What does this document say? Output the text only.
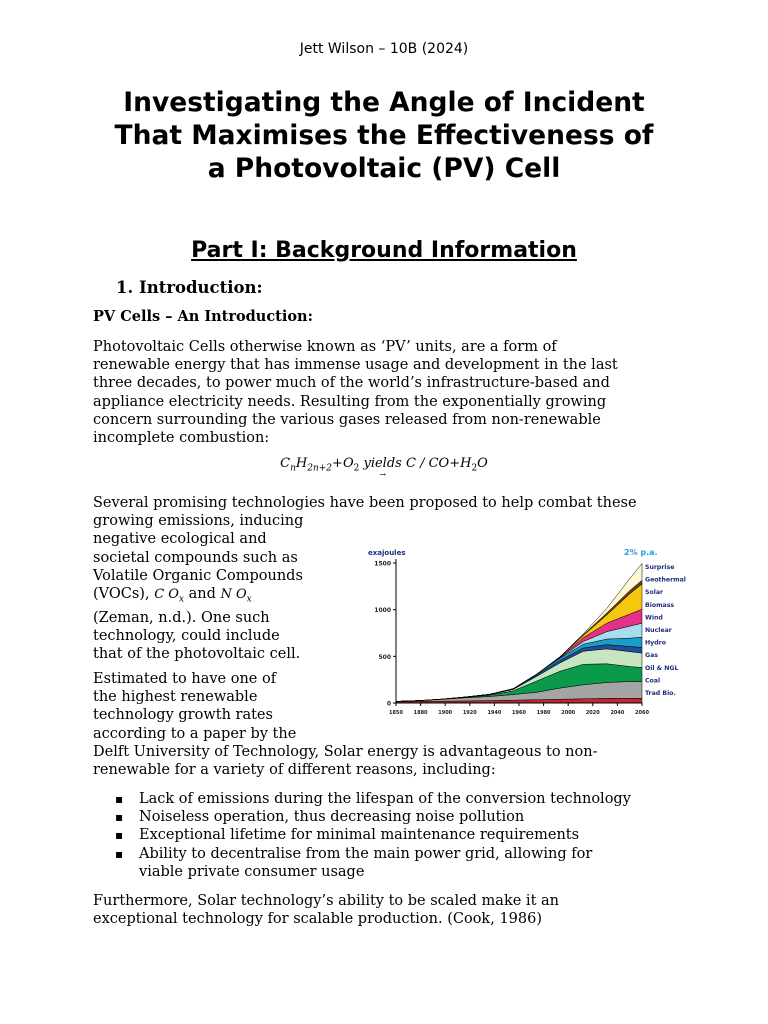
Jett Wilson – 10B (2024)
Investigating the Angle of Incident
That Maximises the Effectiveness of
a Photovoltaic (PV) Cell
Part I: Background Information
1. Introduction:
PV Cells – An Introduction:
Photovoltaic Cells otherwise known as ‘PV’ units, are a form of
renewable energy that has immense usage and development in the last
three decades, to power much of the world’s infrastructure-based and
appliance electricity needs. Resulting from the exponentially growing
concern surrounding the various gases released from non-renewable
incomplete combustion:
$C_nH_{2n+2}+O_2$ yields → $C / CO+H_2O$
Several promising technologies have been proposed to help combat these
growing emissions, inducing
negative ecological and
societal compounds such as
Volatile Organic Compounds
(VOCs), C $O_x$ and N $O_x$
(Zeman, n.d.). One such
technology, could include
that of the photovoltaic cell.
Estimated to have one of
the highest renewable
technology growth rates
according to a paper by the
Delft University of Technology, Solar energy is advantageous to non-
renewable for a variety of different reasons, including:
▪ Lack of emissions during the lifespan of the conversion technology
▪ Noiseless operation, thus decreasing noise pollution
▪ Exceptional lifetime for minimal maintenance requirements
▪ Ability to decentralise from the main power grid, allowing for
viable private consumer usage
Furthermore, Solar technology’s ability to be scaled make it an
exceptional technology for scalable production. (Cook, 1986)
0
500
1000
1500
1850 1880 1900 1920 1940 1960 1980 2000 2020 2040 2060
exajoules	2% p.a.
Trad Bio.
Coal
Oil & NGL
Gas
Hydro
Nuclear
Wind
Biomass
Solar
Geothermal
Surprise
